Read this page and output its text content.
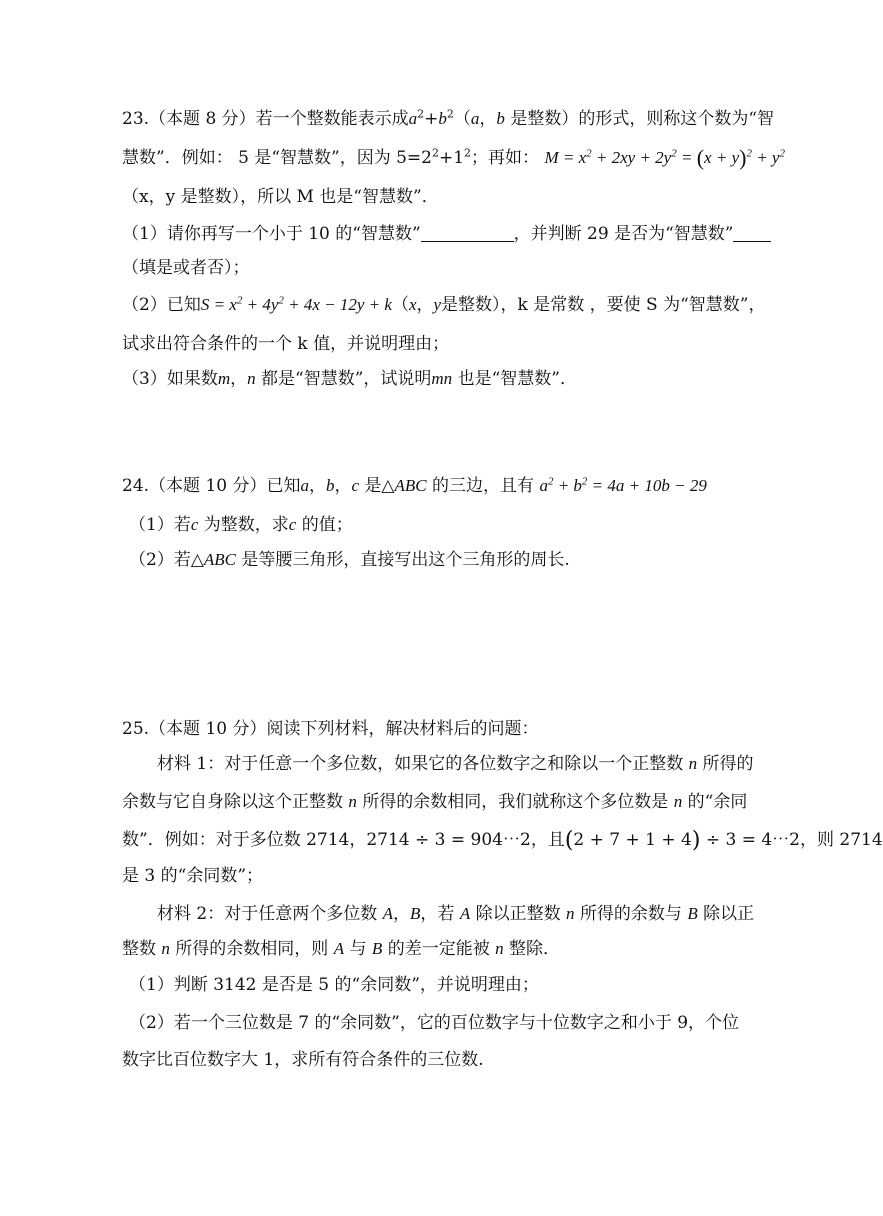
23.（本题 8 分）若一个整数能表示成$a^2+b^2(a$，b 是整数）的形式，则称这个数为“智
慧数”．例如： 5 是“智慧数”，因为 $5=2^2+1^2$；再如： $M = x^2 + 2xy + 2y^2 = (x + y)^2 + y^2$
（x，y 是整数），所以 M 也是“智慧数”．
（1）请你再写一个小于 10 的“智慧数”	，并判断 29 是否为“智慧数”
（填是或者否）；
（2）已知$S = x^2 + 4y^2 + 4x - 12y + k(x$，y是整数），k 是常数 ，要使 S 为“智慧数”，
试求出符合条件的一个 k 值，并说明理由；
（3）如果数m，n 都是“智慧数”，试说明mn 也是“智慧数”．
24.（本题 10 分）已知a，b，c 是△ABC 的三边，且有 $a^2 + b^2 = 4a + 10b - 29$
（1）若c 为整数，求c 的值；
（2）若△ABC 是等腰三角形，直接写出这个三角形的周长.
25.（本题 10 分）阅读下列材料，解决材料后的问题：
材料 1：对于任意一个多位数，如果它的各位数字之和除以一个正整数 n 所得的
余数与它自身除以这个正整数 n 所得的余数相同，我们就称这个多位数是 n 的“余同
数”．例如：对于多位数 2714，2714 ÷ 3 = 904⋯2，且(2 + 7 + 1 + 4) ÷ 3 = 4⋯2，则 2714
是 3 的“余同数”；
材料 2：对于任意两个多位数 A，B，若 A 除以正整数 n 所得的余数与 B 除以正
整数 n 所得的余数相同，则 A 与 B 的差一定能被 n 整除．
（1）判断 3142 是否是 5 的“余同数”，并说明理由；
（2）若一个三位数是 7 的“余同数”，它的百位数字与十位数字之和小于 9，个位
数字比百位数字大 1，求所有符合条件的三位数.
